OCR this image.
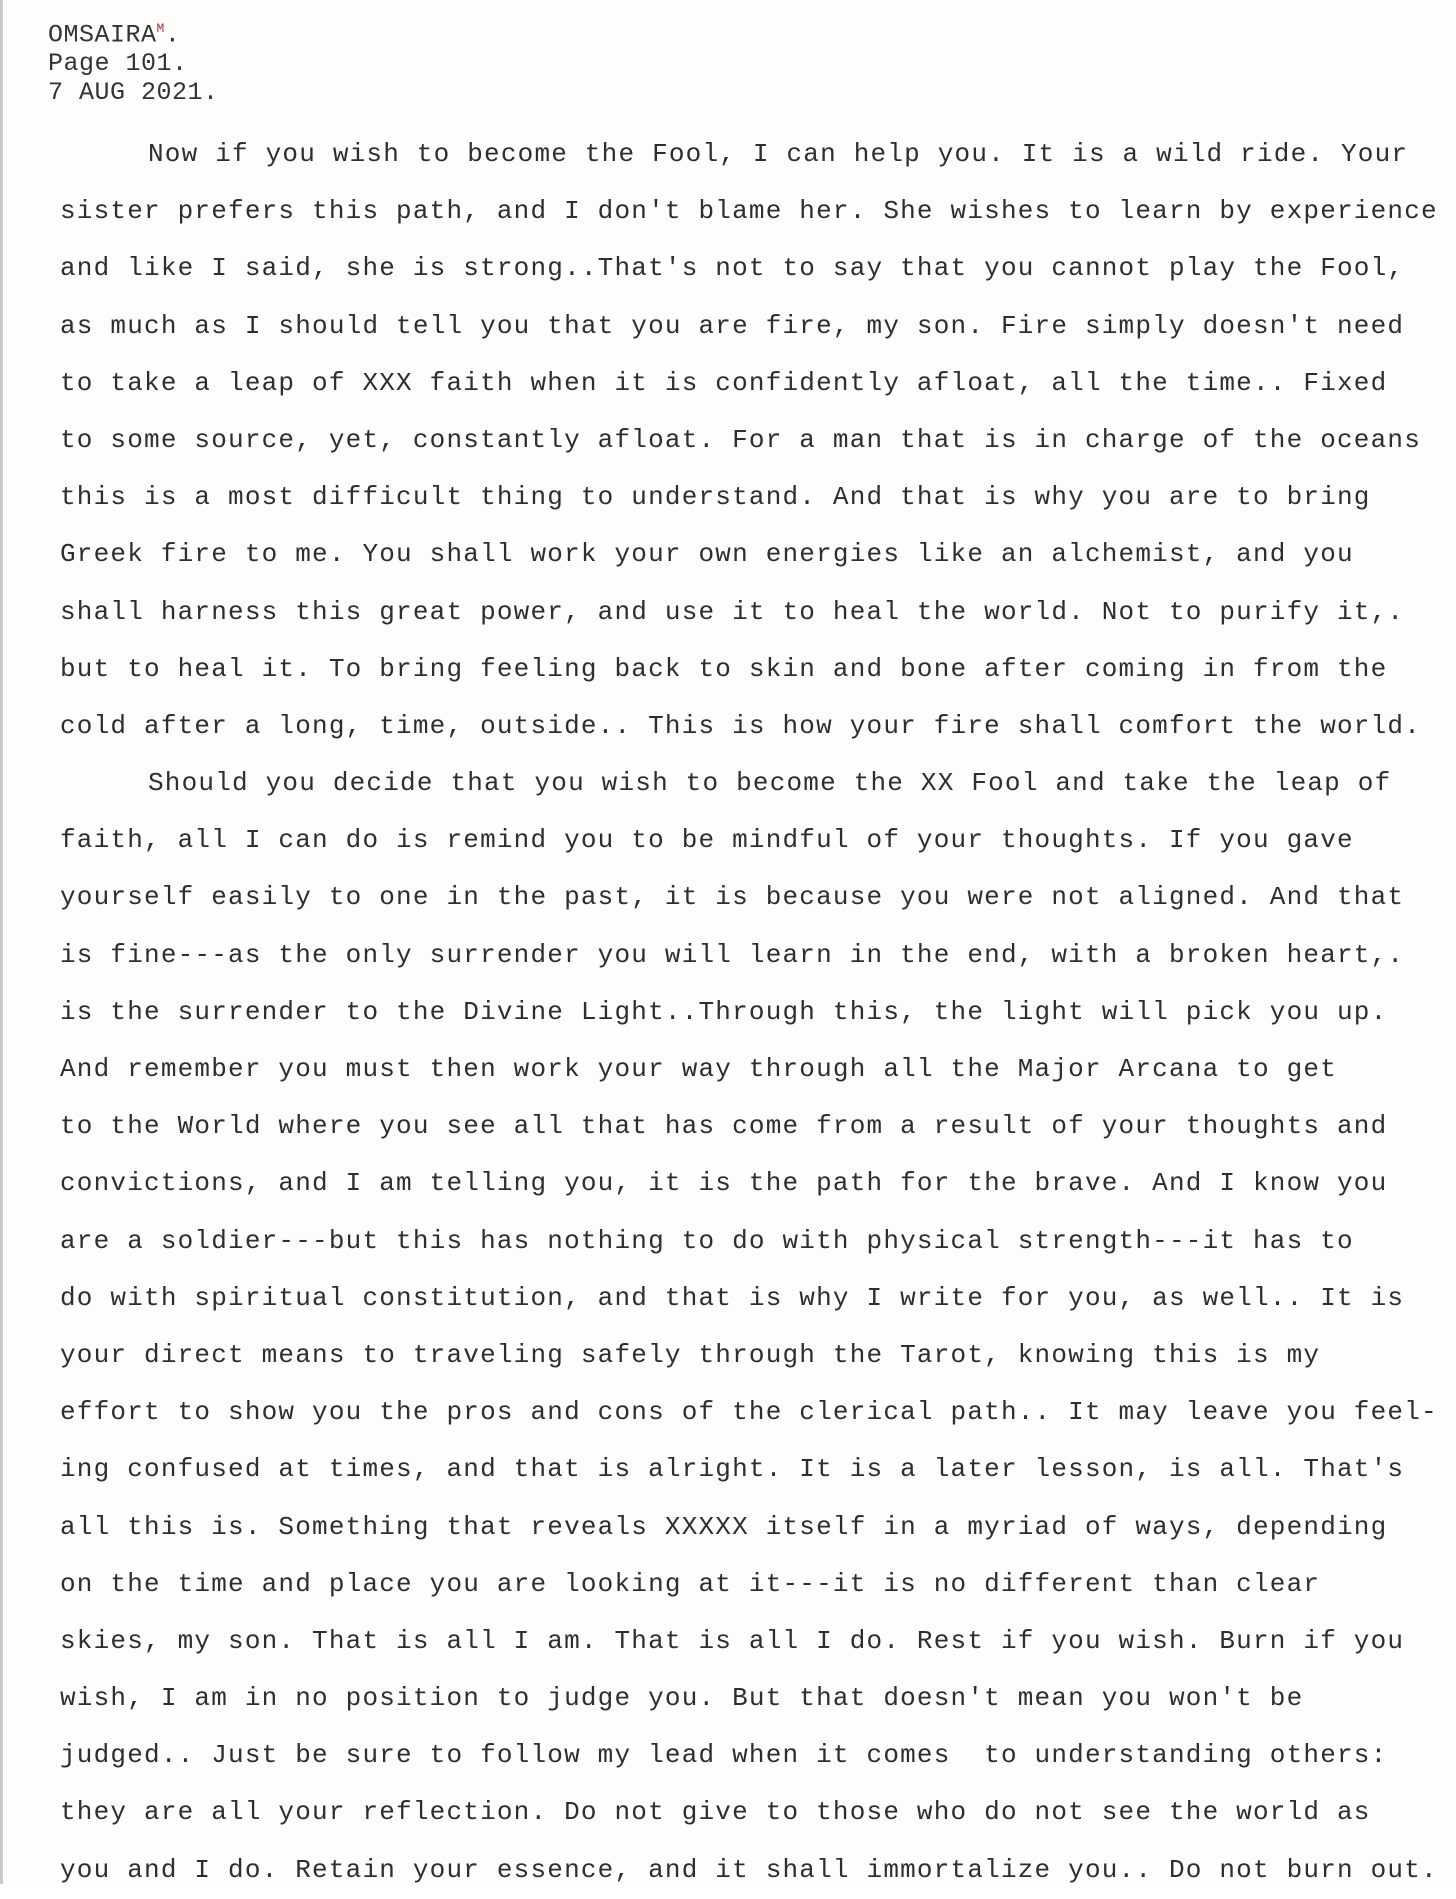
$OMSAIRA^M$.
Page 101.
7 AUG 2021.
Now if you wish to become the Fool, I can help you. It is a wild ride. Your
sister prefers this path, and I don't blame her. She wishes to learn by experience
and like I said, she is strong..That's not to say that you cannot play the Fool,
as much as I should tell you that you are fire, my son. Fire simply doesn't need
to take a leap of XXX faith when it is confidently afloat, all the time.. Fixed
to some source, yet, constantly afloat. For a man that is in charge of the oceans
this is a most difficult thing to understand. And that is why you are to bring
Greek fire to me. You shall work your own energies like an alchemist, and you
shall harness this great power, and use it to heal the world. Not to purify it,.
but to heal it. To bring feeling back to skin and bone after coming in from the
cold after a long, time, outside.. This is how your fire shall comfort the world.
Should you decide that you wish to become the XX Fool and take the leap of
faith, all I can do is remind you to be mindful of your thoughts. If you gave
yourself easily to one in the past, it is because you were not aligned. And that
is fine---as the only surrender you will learn in the end, with a broken heart,.
is the surrender to the Divine Light..Through this, the light will pick you up.
And remember you must then work your way through all the Major Arcana to get
to the World where you see all that has come from a result of your thoughts and
convictions, and I am telling you, it is the path for the brave. And I know you
are a soldier---but this has nothing to do with physical strength---it has to
do with spiritual constitution, and that is why I write for you, as well.. It is
your direct means to traveling safely through the Tarot, knowing this is my
effort to show you the pros and cons of the clerical path.. It may leave you feel-
ing confused at times, and that is alright. It is a later lesson, is all. That's
all this is. Something that reveals XXXXX itself in a myriad of ways, depending
on the time and place you are looking at it---it is no different than clear
skies, my son. That is all I am. That is all I do. Rest if you wish. Burn if you
wish, I am in no position to judge you. But that doesn't mean you won't be
judged.. Just be sure to follow my lead when it comes  to understanding others:
they are all your reflection. Do not give to those who do not see the world as
you and I do. Retain your essence, and it shall immortalize you.. Do not burn out.
